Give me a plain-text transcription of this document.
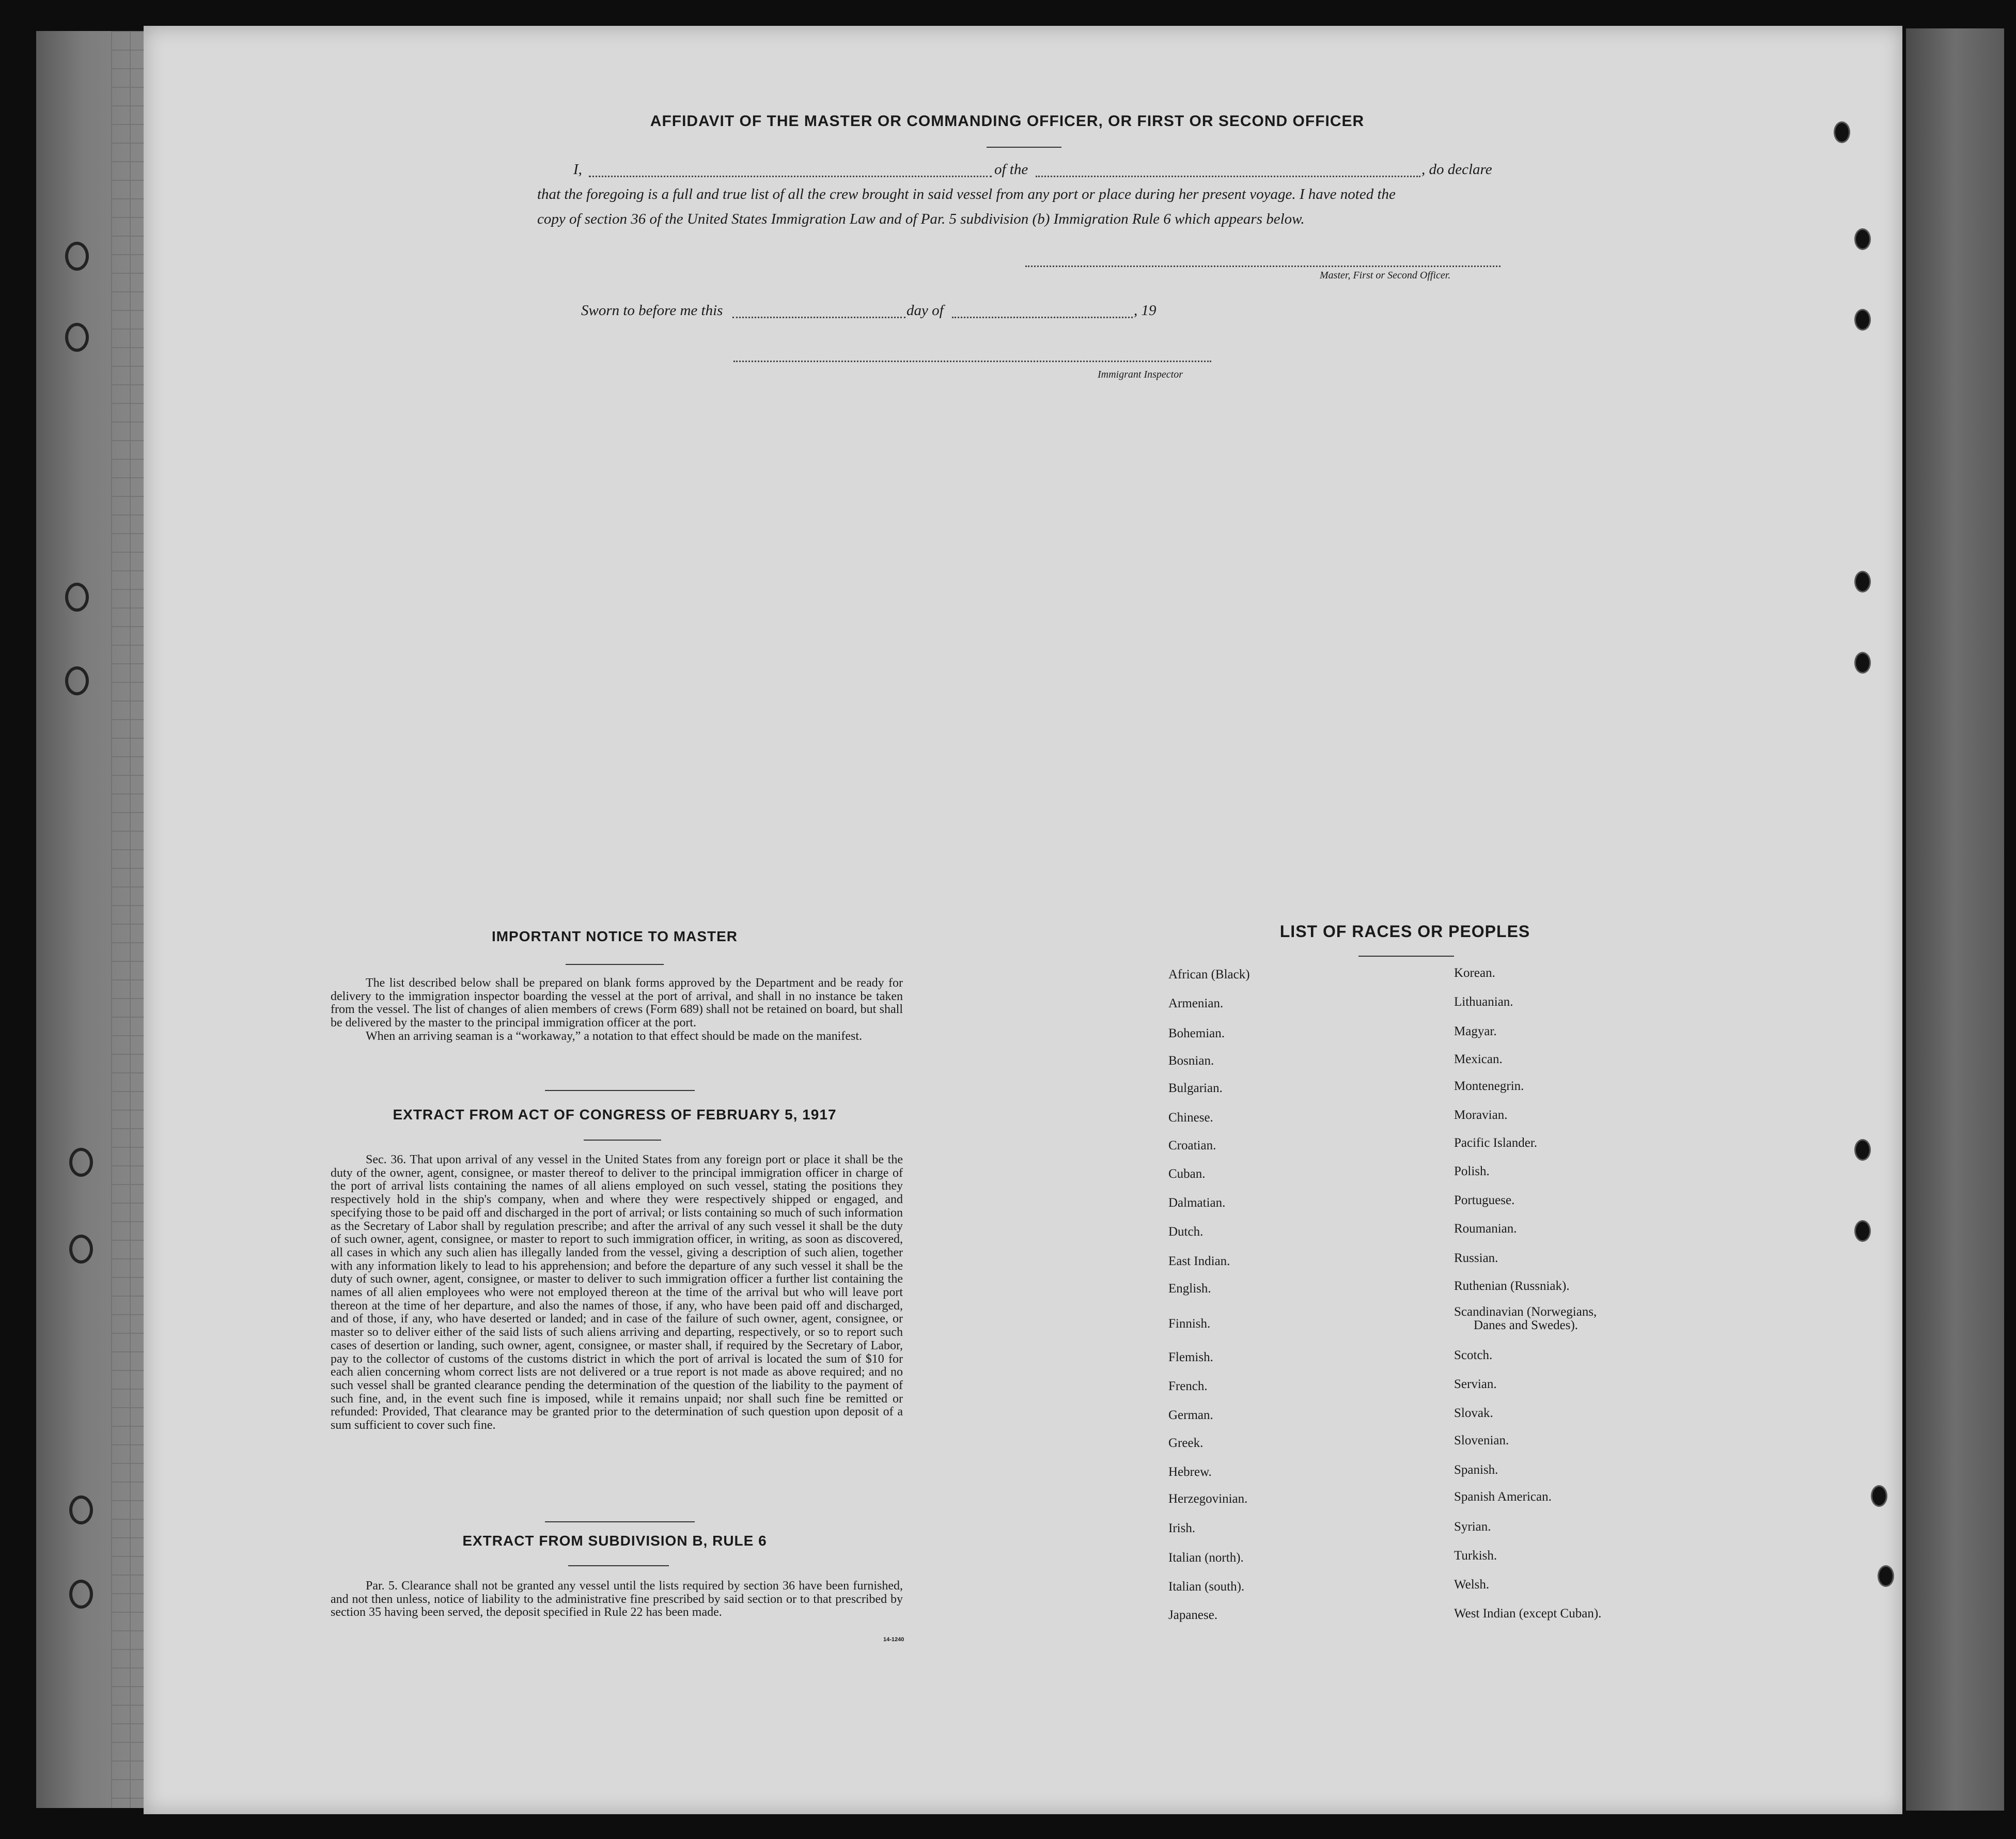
AFFIDAVIT OF THE MASTER OR COMMANDING OFFICER, OR FIRST OR SECOND OFFICER
I,	of the	, do declare
that the foregoing is a full and true list of all the crew brought in said vessel from any port or place during her present voyage. I have noted the
copy of section 36 of the United States Immigration Law and of Par. 5 subdivision (b) Immigration Rule 6 which appears below.
Master, First or Second Officer.
Sworn to before me this	day of	, 19
Immigrant Inspector
IMPORTANT NOTICE TO MASTER

The list described below shall be prepared on blank forms approved by the Department and be ready for delivery to the immigration inspector boarding the vessel at the port of arrival, and shall in no instance be taken from the vessel. The list of changes of alien members of crews (Form 689) shall not be retained on board, but shall be delivered by the master to the principal immigration officer at the port.

When an arriving seaman is a “workaway,” a notation to that effect should be made on the manifest.

EXTRACT FROM ACT OF CONGRESS OF FEBRUARY 5, 1917

Sec. 36. That upon arrival of any vessel in the United States from any foreign port or place it shall be the duty of the owner, agent, consignee, or master thereof to deliver to the principal immigration officer in charge of the port of arrival lists containing the names of all aliens employed on such vessel, stating the positions they respectively hold in the ship's company, when and where they were respectively shipped or engaged, and specifying those to be paid off and discharged in the port of arrival; or lists containing so much of such information as the Secretary of Labor shall by regulation prescribe; and after the arrival of any such vessel it shall be the duty of such owner, agent, consignee, or master to report to such immigration officer, in writing, as soon as discovered, all cases in which any such alien has illegally landed from the vessel, giving a description of such alien, together with any information likely to lead to his apprehension; and before the departure of any such vessel it shall be the duty of such owner, agent, consignee, or master to deliver to such immigration officer a further list containing the names of all alien employees who were not employed thereon at the time of the arrival but who will leave port thereon at the time of her departure, and also the names of those, if any, who have been paid off and discharged, and of those, if any, who have deserted or landed; and in case of the failure of such owner, agent, consignee, or master so to deliver either of the said lists of such aliens arriving and departing, respectively, or so to report such cases of desertion or landing, such owner, agent, consignee, or master shall, if required by the Secretary of Labor, pay to the collector of customs of the customs district in which the port of arrival is located the sum of $10 for each alien concerning whom correct lists are not delivered or a true report is not made as above required; and no such vessel shall be granted clearance pending the determination of the question of the liability to the payment of such fine, and, in the event such fine is imposed, while it remains unpaid; nor shall such fine be remitted or refunded: Provided, That clearance may be granted prior to the determination of such question upon deposit of a sum sufficient to cover such fine.

EXTRACT FROM SUBDIVISION B, RULE 6

Par. 5. Clearance shall not be granted any vessel until the lists required by section 36 have been furnished, and not then unless, notice of liability to the administrative fine prescribed by said section or to that prescribed by section 35 having been served, the deposit specified in Rule 22 has been made.

14-1240
LIST OF RACES OR PEOPLES
African (Black)
Armenian.
Bohemian.
Bosnian.
Bulgarian.
Chinese.
Croatian.
Cuban.
Dalmatian.
Dutch.
East Indian.
English.
Finnish.
Flemish.
French.
German.
Greek.
Hebrew.
Herzegovinian.
Irish.
Italian (north).
Italian (south).
Japanese.
Korean.
Lithuanian.
Magyar.
Mexican.
Montenegrin.
Moravian.
Pacific Islander.
Polish.
Portuguese.
Roumanian.
Russian.
Ruthenian (Russniak).
Scandinavian (Norwegians,
Danes and Swedes).
Scotch.
Servian.
Slovak.
Slovenian.
Spanish.
Spanish American.
Syrian.
Turkish.
Welsh.
West Indian (except Cuban).
